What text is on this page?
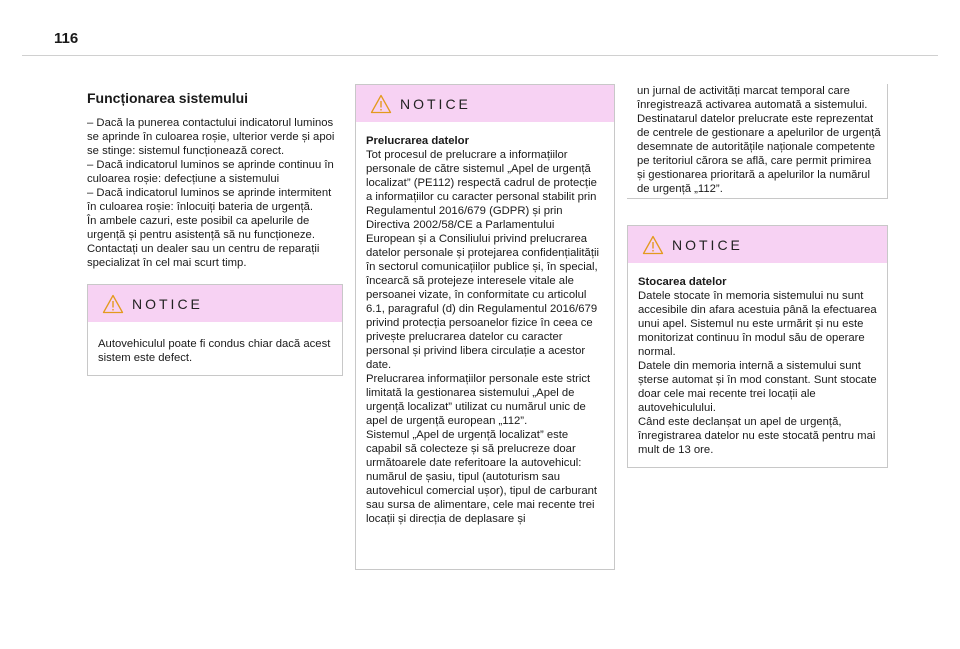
116
Funcționarea sistemului

– Dacă la punerea contactului indicatorul luminos se aprinde în culoarea roșie, ulterior verde și apoi se stinge: sistemul funcționează corect.

– Dacă indicatorul luminos se aprinde continuu în culoarea roșie: defecțiune a sistemului

– Dacă indicatorul luminos se aprinde intermitent în culoarea roșie: înlocuiți bateria de urgență.

În ambele cazuri, este posibil ca apelurile de urgență și pentru asistență să nu funcționeze.

Contactați un dealer sau un centru de reparații specializat în cel mai scurt timp.

NOTICE

Autovehiculul poate fi condus chiar dacă acest sistem este defect.

NOTICE

Prelucrarea datelor

Tot procesul de prelucrare a informațiilor personale de către sistemul „Apel de urgență localizat” (PE112) respectă cadrul de protecție a informațiilor cu caracter personal stabilit prin Regulamentul 2016/679 (GDPR) și prin Directiva 2002/58/CE a Parlamentului European și a Consiliului privind prelucrarea datelor personale și protejarea confidențialității în sectorul comunicațiilor publice și, în special, încearcă să protejeze interesele vitale ale persoanei vizate, în conformitate cu articolul 6.1, paragraful (d) din Regulamentul 2016/679 privind protecția persoanelor fizice în ceea ce privește prelucrarea datelor cu caracter personal și privind libera circulație a acestor date.

Prelucrarea informațiilor personale este strict limitată la gestionarea sistemului „Apel de urgență localizat” utilizat cu numărul unic de apel de urgență european „112”.

Sistemul „Apel de urgență localizat” este capabil să colecteze și să prelucreze doar următoarele date referitoare la autovehicul: numărul de șasiu, tipul (autoturism sau autovehicul comercial ușor), tipul de carburant sau sursa de alimentare, cele mai recente trei locații și direcția de deplasare și

un jurnal de activități marcat temporal care înregistrează activarea automată a sistemului. Destinatarul datelor prelucrate este reprezentat de centrele de gestionare a apelurilor de urgență desemnate de autoritățile naționale competente pe teritoriul cărora se află, care permit primirea și gestionarea prioritară a apelurilor la numărul de urgență „112”.

NOTICE

Stocarea datelor

Datele stocate în memoria sistemului nu sunt accesibile din afara acestuia până la efectuarea unui apel. Sistemul nu este urmărit și nu este monitorizat continuu în modul său de operare normal.

Datele din memoria internă a sistemului sunt șterse automat și în mod constant. Sunt stocate doar cele mai recente trei locații ale autovehiculului.

Când este declanșat un apel de urgență, înregistrarea datelor nu este stocată pentru mai mult de 13 ore.
